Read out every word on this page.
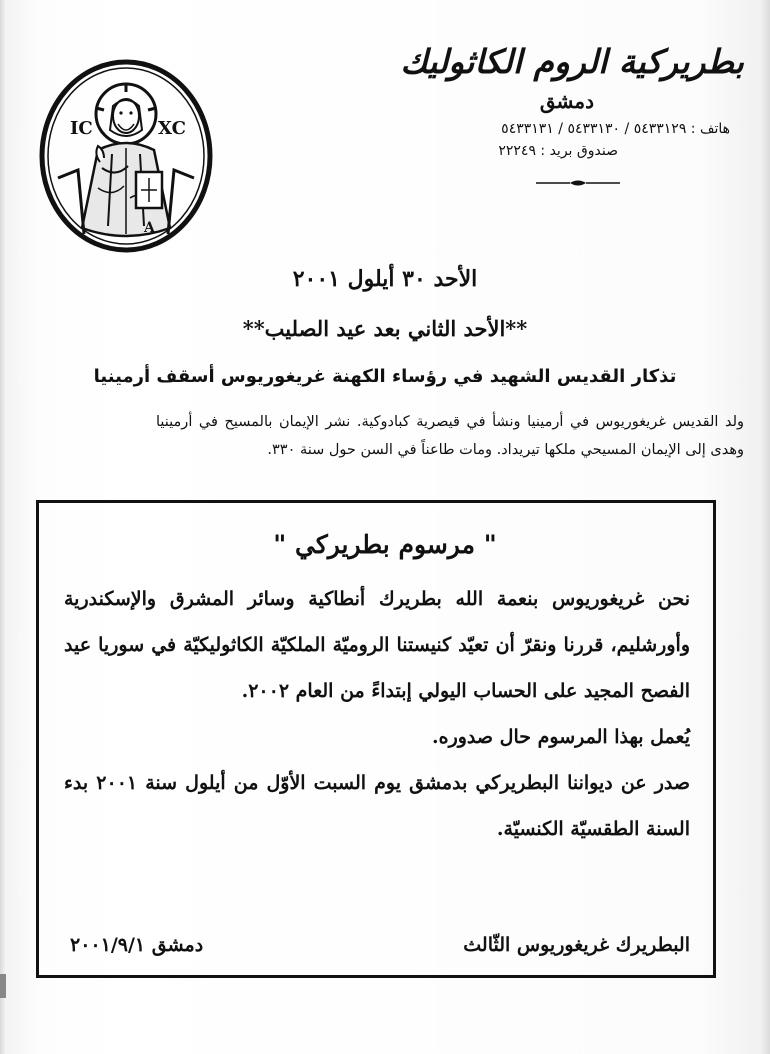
IC	XC
A
بطريركية الروم الكاثوليك
دمشق
هاتف : ٥٤٣٣١٢٩ / ٥٤٣٣١٣٠ / ٥٤٣٣١٣١
صندوق بريد : ٢٢٢٤٩
الأحد ٣٠ أيلول ٢٠٠١
**الأحد الثاني بعد عيد الصليب**
تذكار القديس الشهيد في رؤساء الكهنة غريغوريوس أسقف أرمينيا
ولد القديس غريغوريوس في أرمينيا ونشأ في قيصرية كبادوكية. نشر الإيمان بالمسيح في أرمينيا وهدى إلى الإيمان المسيحي ملكها تيريداد. ومات طاعناً في السن حول سنة ٣٣٠.
" مرسوم بطريركي "

نحن غريغوريوس بنعمة الله بطريرك أنطاكية وسائر المشرق والإسكندرية وأورشليم، قررنا ونقرّ أن تعيّد كنيستنا الروميّة الملكيّة الكاثوليكيّة في سوريا عيد الفصح المجيد على الحساب اليولي إبتداءً من العام ٢٠٠٢.

يُعمل بهذا المرسوم حال صدوره.

صدر عن ديواننا البطريركي بدمشق يوم السبت الأوّل من أيلول سنة ٢٠٠١ بدء السنة الطقسيّة الكنسيّة.

البطريرك غريغوريوس الثّالث
دمشق ٢٠٠١/٩/١
